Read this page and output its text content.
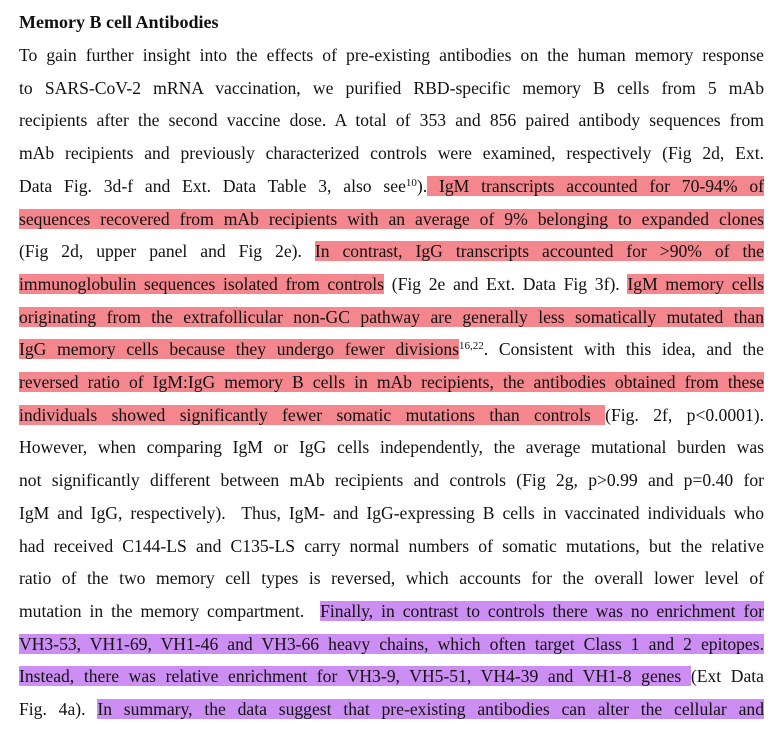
Memory B cell Antibodies
To gain further insight into the effects of pre-existing antibodies on the human memory response
to SARS-CoV-2 mRNA vaccination, we purified RBD-specific memory B cells from 5 mAb
recipients after the second vaccine dose. A total of 353 and 856 paired antibody sequences from
mAb recipients and previously characterized controls were examined, respectively (Fig 2d, Ext.
Data Fig. 3d-f and Ext. Data Table 3, also see$^{10}$). IgM transcripts accounted for 70-94% of
sequences recovered from mAb recipients with an average of 9% belonging to expanded clones
(Fig 2d, upper panel and Fig 2e). In contrast, IgG transcripts accounted for >90% of the
immunoglobulin sequences isolated from controls (Fig 2e and Ext. Data Fig 3f). IgM memory cells
originating from the extrafollicular non-GC pathway are generally less somatically mutated than
IgG memory cells because they undergo fewer divisions$^{16,22}$. Consistent with this idea, and the
reversed ratio of IgM:IgG memory B cells in mAb recipients, the antibodies obtained from these
individuals showed significantly fewer somatic mutations than controls (Fig. 2f, p<0.0001).
However, when comparing IgM or IgG cells independently, the average mutational burden was
not significantly different between mAb recipients and controls (Fig 2g, p>0.99 and p=0.40 for
IgM and IgG, respectively).  Thus, IgM- and IgG-expressing B cells in vaccinated individuals who
had received C144-LS and C135-LS carry normal numbers of somatic mutations, but the relative
ratio of the two memory cell types is reversed, which accounts for the overall lower level of
mutation in the memory compartment.  Finally, in contrast to controls there was no enrichment for
VH3-53, VH1-69, VH1-46 and VH3-66 heavy chains, which often target Class 1 and 2 epitopes.
Instead, there was relative enrichment for VH3-9, VH5-51, VH4-39 and VH1-8 genes (Ext Data
Fig. 4a). In summary, the data suggest that pre-existing antibodies can alter the cellular and
